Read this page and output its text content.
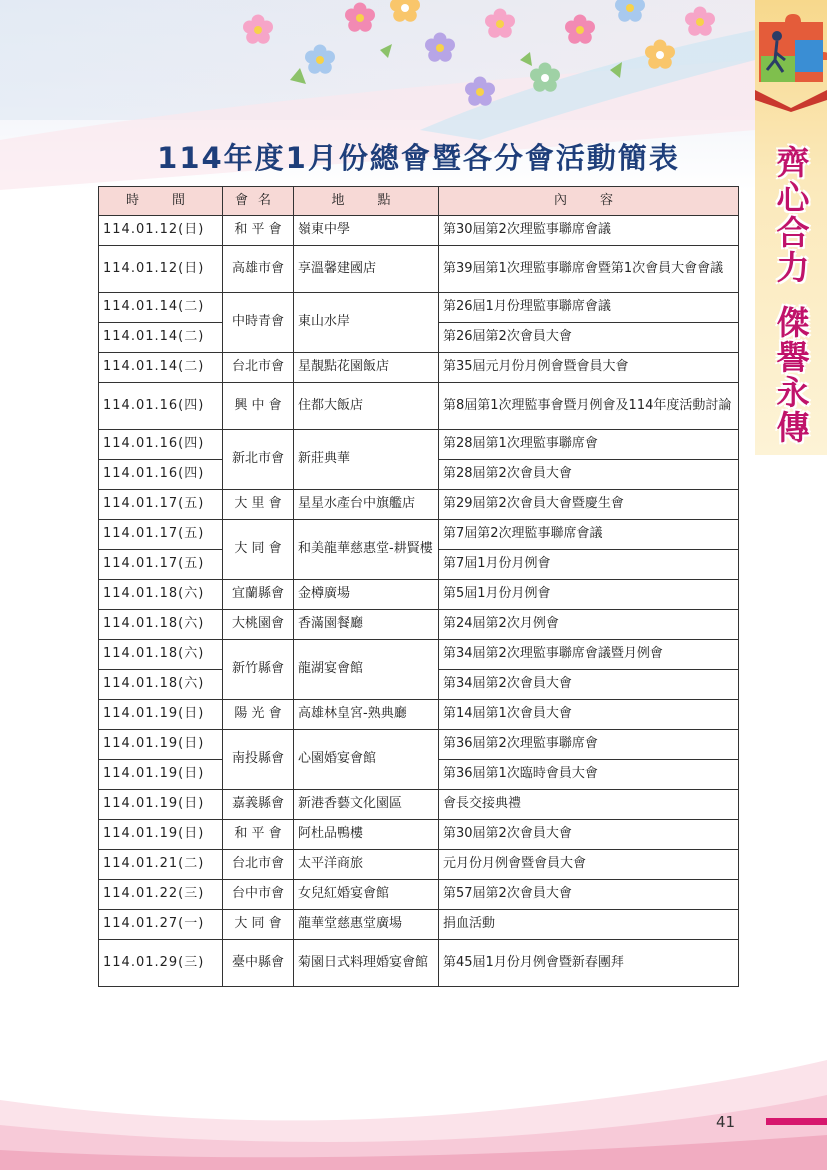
齊心合力
傑譽永傳
114年度1月份總會暨各分會活動簡表
時　間	會名	地　點	內　容
114.01.12(日)	和 平 會	嶺東中學	第30屆第2次理監事聯席會議
114.01.12(日)	高雄市會	享溫馨建國店	第39屆第1次理監事聯席會暨第1次會員大會會議
114.01.14(二)	中時青會	東山水岸	第26屆1月份理監事聯席會議
114.01.14(二)			第26屆第2次會員大會
114.01.14(二)	台北市會	星靚點花園飯店	第35屆元月份月例會暨會員大會
114.01.16(四)	興 中 會	住都大飯店	第8屆第1次理監事會暨月例會及114年度活動討論
114.01.16(四)	新北市會	新莊典華	第28屆第1次理監事聯席會
114.01.16(四)			第28屆第2次會員大會
114.01.17(五)	大 里 會	星星水產台中旗艦店	第29屆第2次會員大會暨慶生會
114.01.17(五)	大 同 會	和美龍華慈惠堂-耕賢樓	第7屆第2次理監事聯席會議
114.01.17(五)			第7屆1月份月例會
114.01.18(六)	宜蘭縣會	金樽廣場	第5屆1月份月例會
114.01.18(六)	大桃園會	香滿園餐廳	第24屆第2次月例會
114.01.18(六)	新竹縣會	龍湖宴會館	第34屆第2次理監事聯席會議暨月例會
114.01.18(六)			第34屆第2次會員大會
114.01.19(日)	陽 光 會	高雄林皇宮-熟典廳	第14屆第1次會員大會
114.01.19(日)	南投縣會	心園婚宴會館	第36屆第2次理監事聯席會
114.01.19(日)			第36屆第1次臨時會員大會
114.01.19(日)	嘉義縣會	新港香藝文化園區	會長交接典禮
114.01.19(日)	和 平 會	阿杜品鴨樓	第30屆第2次會員大會
114.01.21(二)	台北市會	太平洋商旅	元月份月例會暨會員大會
114.01.22(三)	台中市會	女兒紅婚宴會館	第57屆第2次會員大會
114.01.27(一)	大 同 會	龍華堂慈惠堂廣場	捐血活動
114.01.29(三)	臺中縣會	菊園日式料理婚宴會館	第45屆1月份月例會暨新春團拜
41
